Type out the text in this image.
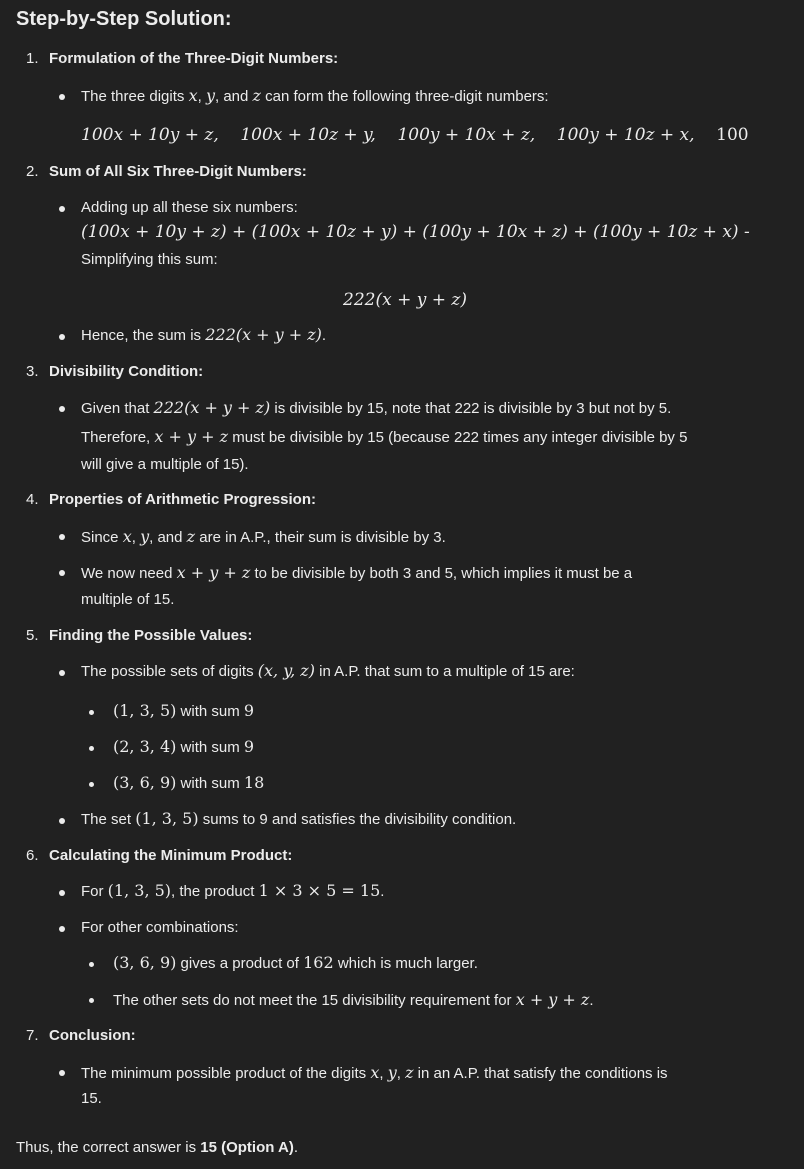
Step-by-Step Solution:
1. Formulation of the Three-Digit Numbers:
The three digits x, y, and z can form the following three-digit numbers:
100x + 10y + z,    100x + 10z + y,    100y + 10x + z,    100y + 10z + x,    100
2. Sum of All Six Three-Digit Numbers:
Adding up all these six numbers:
(100x + 10y + z) + (100x + 10z + y) + (100y + 10x + z) + (100y + 10z + x) -
Simplifying this sum:
222(x + y + z)
Hence, the sum is 222(x + y + z).
3. Divisibility Condition:
Given that 222(x + y + z) is divisible by 15, note that 222 is divisible by 3 but not by 5.
Therefore, x + y + z must be divisible by 15 (because 222 times any integer divisible by 5
will give a multiple of 15).
4. Properties of Arithmetic Progression:
Since x, y, and z are in A.P., their sum is divisible by 3.
We now need x + y + z to be divisible by both 3 and 5, which implies it must be a
multiple of 15.
5. Finding the Possible Values:
The possible sets of digits (x, y, z) in A.P. that sum to a multiple of 15 are:
(1, 3, 5) with sum 9
(2, 3, 4) with sum 9
(3, 6, 9) with sum 18
The set (1, 3, 5) sums to 9 and satisfies the divisibility condition.
6. Calculating the Minimum Product:
For (1, 3, 5), the product 1 × 3 × 5 = 15.
For other combinations:
(3, 6, 9) gives a product of 162 which is much larger.
The other sets do not meet the 15 divisibility requirement for x + y + z.
7. Conclusion:
The minimum possible product of the digits x, y, z in an A.P. that satisfy the conditions is
15.
Thus, the correct answer is 15 (Option A).
